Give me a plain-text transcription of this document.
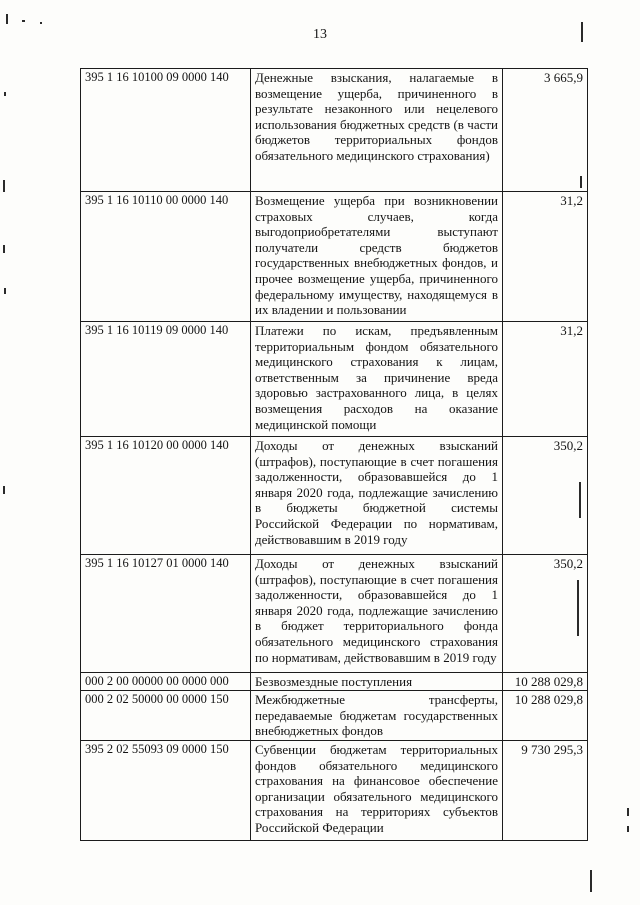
13
395 1 16 10100 09 0000 140	Денежные взыскания, налагаемые в возмещение ущерба, причиненного в результате незаконного или нецелевого использования бюджетных средств (в части бюджетов территориальных фондов обязательного медицинского страхования)	3 665,9
395 1 16 10110 00 0000 140	Возмещение ущерба при возникновении страховых случаев, когда выгодоприобретателями выступают получатели средств бюджетов государственных внебюджетных фондов, и прочее возмещение ущерба, причиненного федеральному имуществу, находящемуся в их владении и пользовании	31,2
395 1 16 10119 09 0000 140	Платежи по искам, предъявленным территориальным фондом обязательного медицинского страхования к лицам, ответственным за причинение вреда здоровью застрахованного лица, в целях возмещения расходов на оказание медицинской помощи	31,2
395 1 16 10120 00 0000 140	Доходы от денежных взысканий (штрафов), поступающие в счет погашения задолженности, образовавшейся до 1 января 2020 года, подлежащие зачислению в бюджеты бюджетной системы Российской Федерации по нормативам, действовавшим в 2019 году	350,2
395 1 16 10127 01 0000 140	Доходы от денежных взысканий (штрафов), поступающие в счет погашения задолженности, образовавшейся до 1 января 2020 года, подлежащие зачислению в бюджет территориального фонда обязательного медицинского страхования по нормативам, действовавшим в 2019 году	350,2
000 2 00 00000 00 0000 000	Безвозмездные поступления	10 288 029,8
000 2 02 50000 00 0000 150	Межбюджетные трансферты, передаваемые бюджетам государственных внебюджетных фондов	10 288 029,8
395 2 02 55093 09 0000 150	Субвенции бюджетам территориальных фондов обязательного медицинского страхования на финансовое обеспечение организации обязательного медицинского страхования на территориях субъектов Российской Федерации	9 730 295,3
